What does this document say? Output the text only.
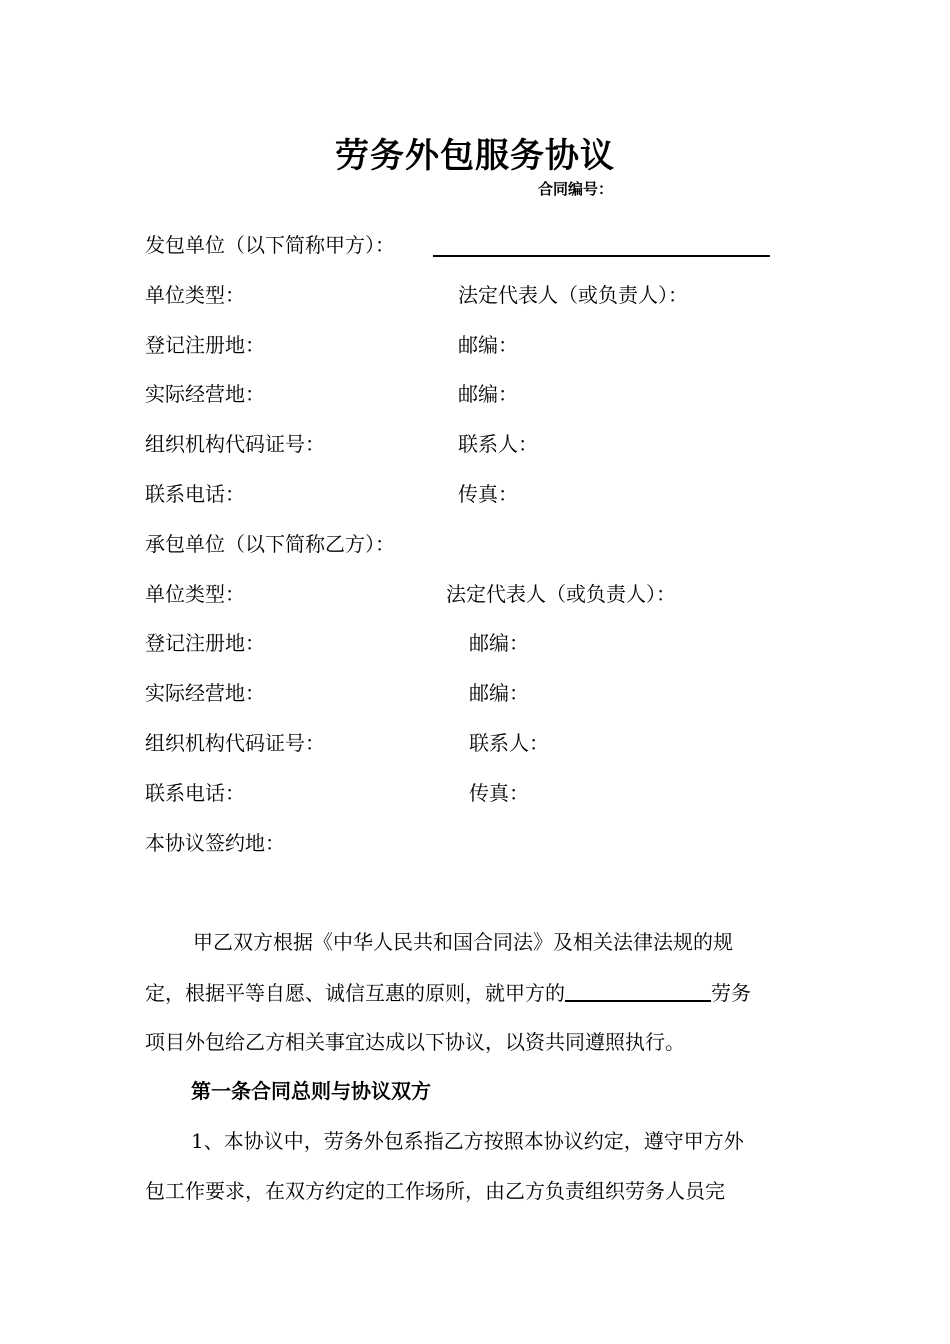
劳务外包服务协议
合同编号：
发包单位（以下简称甲方）：
单位类型：	法定代表人（或负责人）：
登记注册地：	邮编：
实际经营地：	邮编：
组织机构代码证号：	联系人：
联系电话：	传真：
承包单位（以下简称乙方）：
单位类型：	法定代表人（或负责人）：
登记注册地：	邮编：
实际经营地：	邮编：
组织机构代码证号：	联系人：
联系电话：	传真：
本协议签约地：
甲乙双方根据《中华人民共和国合同法》及相关法律法规的规
定，根据平等自愿、诚信互惠的原则，就甲方的	劳务
项目外包给乙方相关事宜达成以下协议，以资共同遵照执行。
第一条合同总则与协议双方
1、本协议中，劳务外包系指乙方按照本协议约定，遵守甲方外
包工作要求，在双方约定的工作场所，由乙方负责组织劳务人员完
